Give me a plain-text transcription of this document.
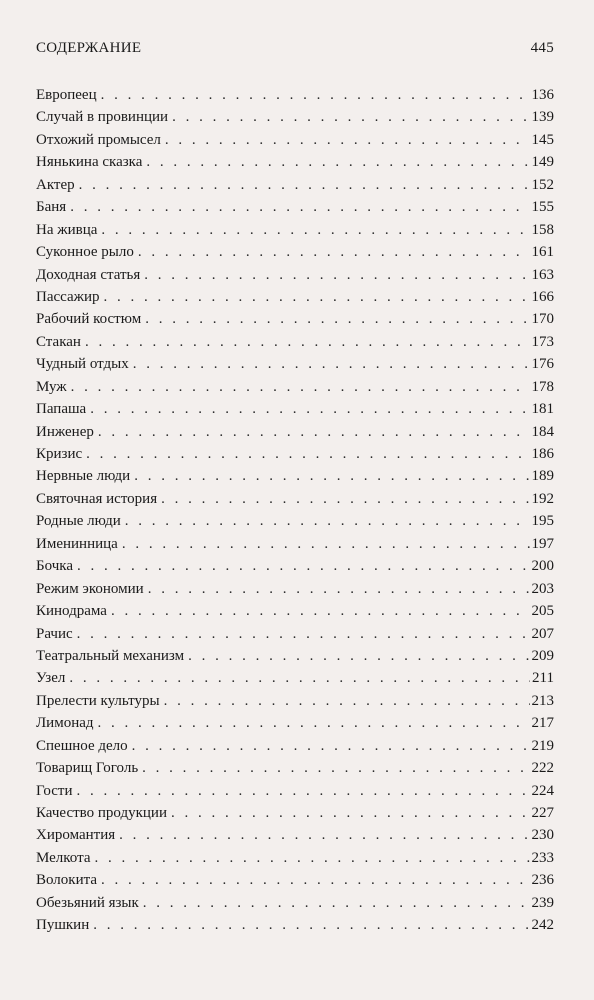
СОДЕРЖАНИЕ	445
Европеец . . .	136
Случай в провинции . . .	139
Отхожий промысел . . .	145
Нянькина сказка . . .	149
Актер . . .	152
Баня . . .	155
На живца . . .	158
Суконное рыло . . .	161
Доходная статья . . .	163
Пассажир . . .	166
Рабочий костюм . . .	170
Стакан . . .	173
Чудный отдых . . .	176
Муж . . .	178
Папаша . . .	181
Инженер . . .	184
Кризис . . .	186
Нервные люди . . .	189
Святочная история . . .	192
Родные люди . . .	195
Именинница . . .	197
Бочка . . .	200
Режим экономии . . .	203
Кинодрама . . .	205
Рачис . . .	207
Театральный механизм . . .	209
Узел . . .	211
Прелести культуры . . .	213
Лимонад . . .	217
Спешное дело . . .	219
Товарищ Гоголь . . .	222
Гости . . .	224
Качество продукции . . .	227
Хиромантия . . .	230
Мелкота . . .	233
Волокита . . .	236
Обезьяний язык . . .	239
Пушкин . . .	242
